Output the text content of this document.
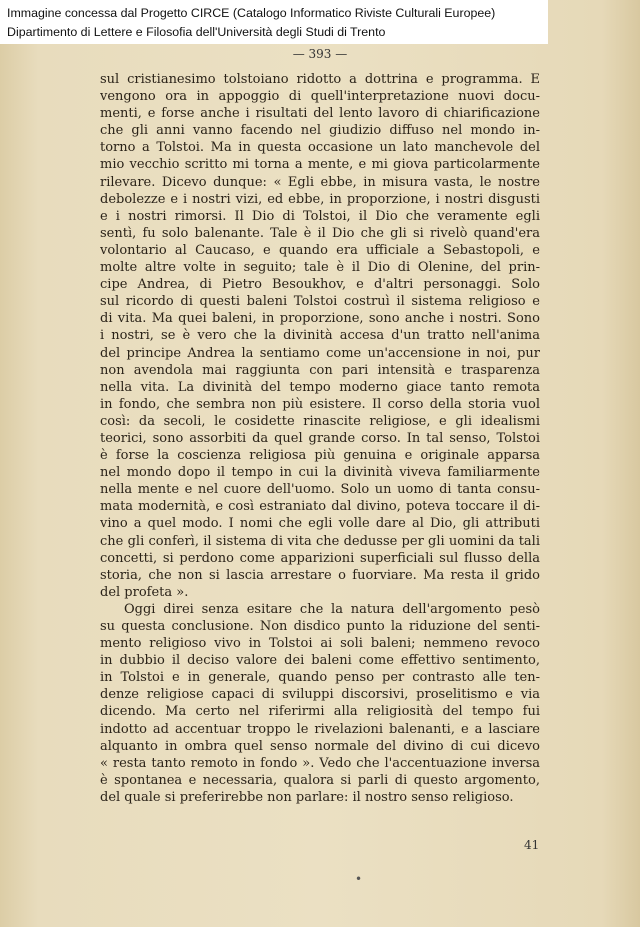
Immagine concessa dal Progetto CIRCE (Catalogo Informatico Riviste Culturali Europee)
Dipartimento di Lettere e Filosofia dell'Università degli Studi di Trento
— 393 —
sul cristianesimo tolstoiano ridotto a dottrina e programma. E
vengono ora in appoggio di quell'interpretazione nuovi docu-
menti, e forse anche i risultati del lento lavoro di chiarificazione
che gli anni vanno facendo nel giudizio diffuso nel mondo in-
torno a Tolstoi. Ma in questa occasione un lato manchevole del
mio vecchio scritto mi torna a mente, e mi giova particolarmente
rilevare. Dicevo dunque: « Egli ebbe, in misura vasta, le nostre
debolezze e i nostri vizi, ed ebbe, in proporzione, i nostri disgusti
e i nostri rimorsi. Il Dio di Tolstoi, il Dio che veramente egli
sentì, fu solo balenante. Tale è il Dio che gli si rivelò quand'era
volontario al Caucaso, e quando era ufficiale a Sebastopoli, e
molte altre volte in seguito; tale è il Dio di Olenine, del prin-
cipe Andrea, di Pietro Besoukhov, e d'altri personaggi. Solo
sul ricordo di questi baleni Tolstoi costruì il sistema religioso e
di vita. Ma quei baleni, in proporzione, sono anche i nostri. Sono
i nostri, se è vero che la divinità accesa d'un tratto nell'anima
del principe Andrea la sentiamo come un'accensione in noi, pur
non avendola mai raggiunta con pari intensità e trasparenza
nella vita. La divinità del tempo moderno giace tanto remota
in fondo, che sembra non più esistere. Il corso della storia vuol
così: da secoli, le cosidette rinascite religiose, e gli idealismi
teorici, sono assorbiti da quel grande corso. In tal senso, Tolstoi
è forse la coscienza religiosa più genuina e originale apparsa
nel mondo dopo il tempo in cui la divinità viveva familiarmente
nella mente e nel cuore dell'uomo. Solo un uomo di tanta consu-
mata modernità, e così estraniato dal divino, poteva toccare il di-
vino a quel modo. I nomi che egli volle dare al Dio, gli attributi
che gli conferì, il sistema di vita che dedusse per gli uomini da tali
concetti, si perdono come apparizioni superficiali sul flusso della
storia, che non si lascia arrestare o fuorviare. Ma resta il grido
del profeta ».
Oggi direi senza esitare che la natura dell'argomento pesò
su questa conclusione. Non disdico punto la riduzione del senti-
mento religioso vivo in Tolstoi ai soli baleni; nemmeno revoco
in dubbio il deciso valore dei baleni come effettivo sentimento,
in Tolstoi e in generale, quando penso per contrasto alle ten-
denze religiose capaci di sviluppi discorsivi, proselitismo e via
dicendo. Ma certo nel riferirmi alla religiosità del tempo fui
indotto ad accentuar troppo le rivelazioni balenanti, e a lasciare
alquanto in ombra quel senso normale del divino di cui dicevo
« resta tanto remoto in fondo ». Vedo che l'accentuazione inversa
è spontanea e necessaria, qualora si parli di questo argomento,
del quale si preferirebbe non parlare: il nostro senso religioso.
41
•
